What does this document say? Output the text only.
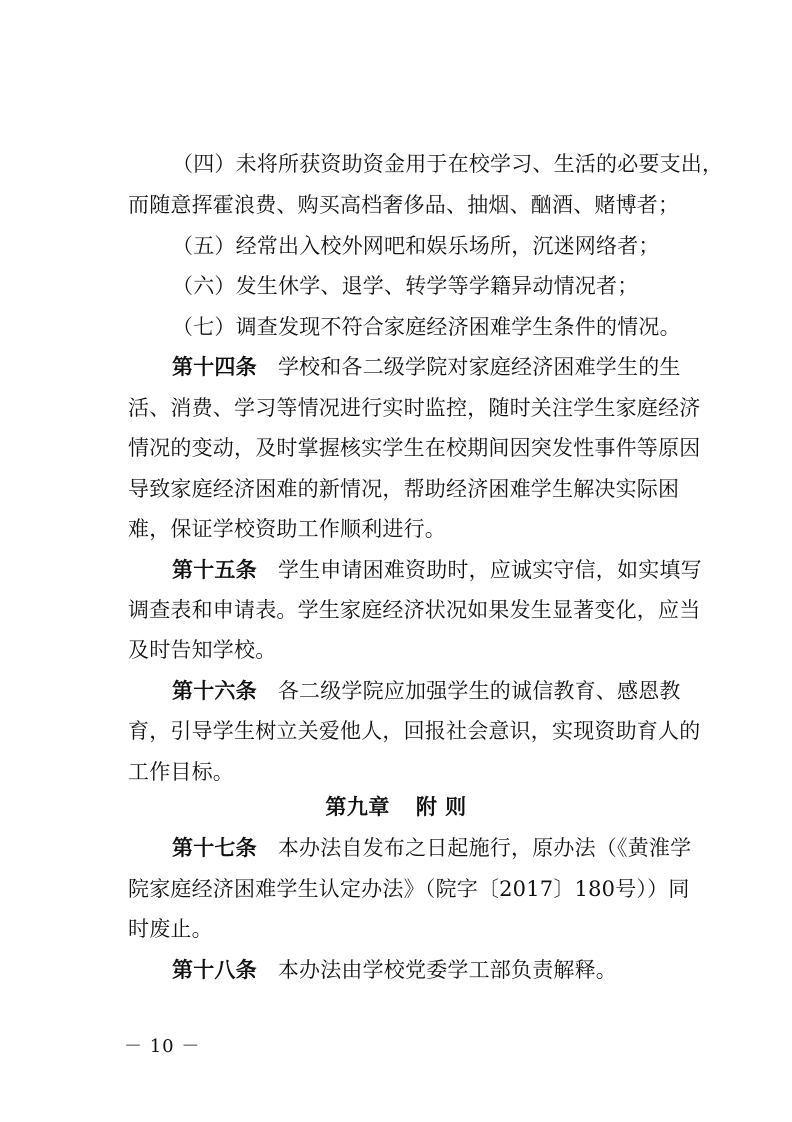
（四）未将所获资助资金用于在校学习、生活的必要支出，
而随意挥霍浪费、购买高档奢侈品、抽烟、酗酒、赌博者；
（五）经常出入校外网吧和娱乐场所，沉迷网络者；
（六）发生休学、退学、转学等学籍异动情况者；
（七）调查发现不符合家庭经济困难学生条件的情况。
第十四条 学校和各二级学院对家庭经济困难学生的生
活、消费、学习等情况进行实时监控，随时关注学生家庭经济
情况的变动，及时掌握核实学生在校期间因突发性事件等原因
导致家庭经济困难的新情况，帮助经济困难学生解决实际困
难，保证学校资助工作顺利进行。
第十五条 学生申请困难资助时，应诚实守信，如实填写
调查表和申请表。学生家庭经济状况如果发生显著变化，应当
及时告知学校。
第十六条 各二级学院应加强学生的诚信教育、感恩教
育，引导学生树立关爱他人，回报社会意识，实现资助育人的
工作目标。
第九章 附 则
第十七条 本办法自发布之日起施行，原办法（《黄淮学
院家庭经济困难学生认定办法》（院字〔2017〕180号））同
时废止。
第十八条 本办法由学校党委学工部负责解释。
－ 10 －
